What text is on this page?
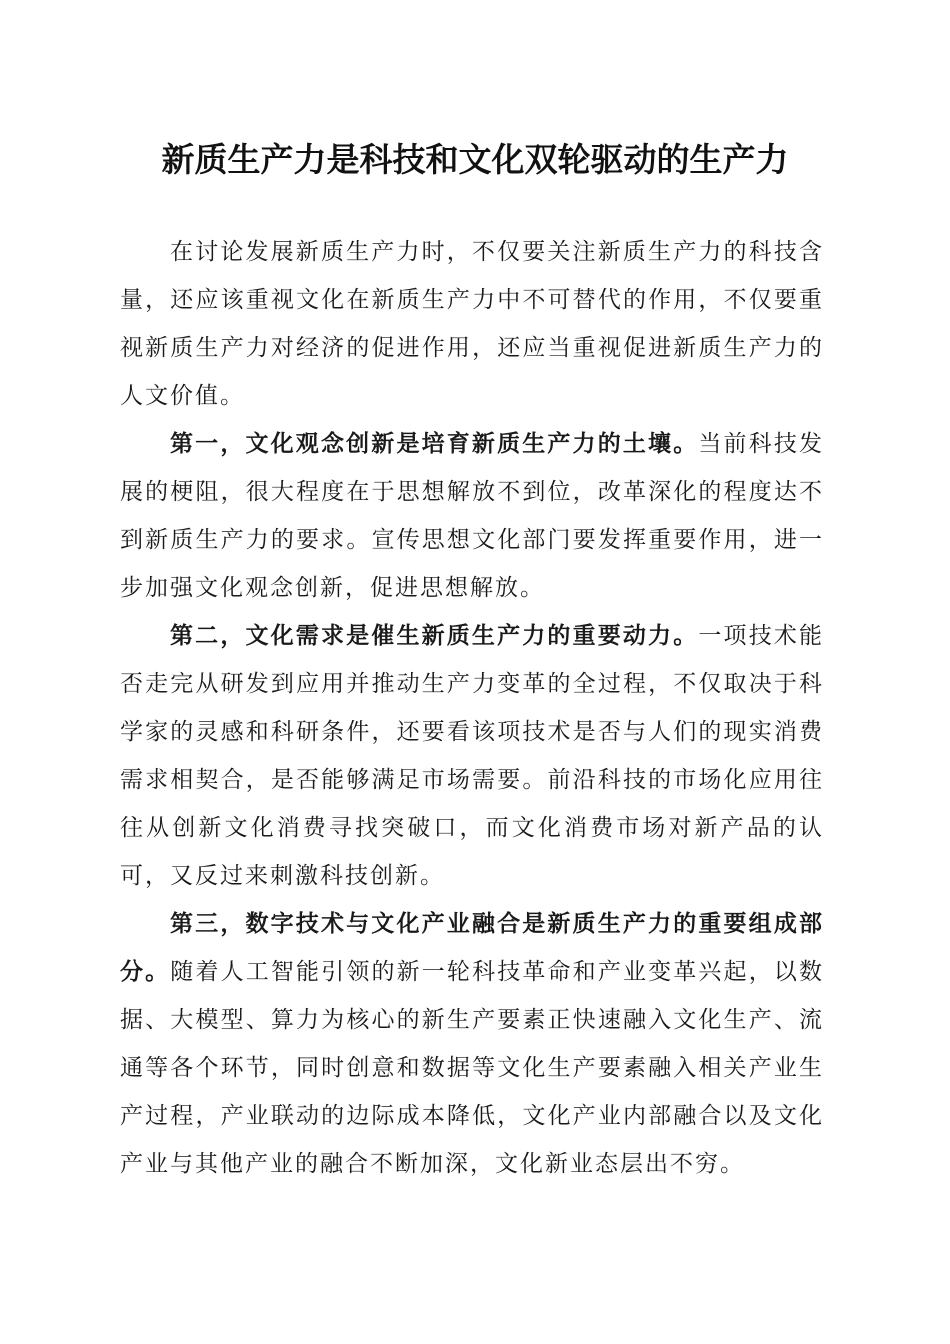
新质生产力是科技和文化双轮驱动的生产力

在讨论发展新质生产力时，不仅要关注新质生产力的科技含量，还应该重视文化在新质生产力中不可替代的作用，不仅要重视新质生产力对经济的促进作用，还应当重视促进新质生产力的人文价值。

第一，文化观念创新是培育新质生产力的土壤。当前科技发展的梗阻，很大程度在于思想解放不到位，改革深化的程度达不到新质生产力的要求。宣传思想文化部门要发挥重要作用，进一步加强文化观念创新，促进思想解放。

第二，文化需求是催生新质生产力的重要动力。一项技术能否走完从研发到应用并推动生产力变革的全过程，不仅取决于科学家的灵感和科研条件，还要看该项技术是否与人们的现实消费需求相契合，是否能够满足市场需要。前沿科技的市场化应用往往从创新文化消费寻找突破口，而文化消费市场对新产品的认可，又反过来刺激科技创新。

第三，数字技术与文化产业融合是新质生产力的重要组成部分。随着人工智能引领的新一轮科技革命和产业变革兴起，以数据、大模型、算力为核心的新生产要素正快速融入文化生产、流通等各个环节，同时创意和数据等文化生产要素融入相关产业生产过程，产业联动的边际成本降低，文化产业内部融合以及文化产业与其他产业的融合不断加深，文化新业态层出不穷。
